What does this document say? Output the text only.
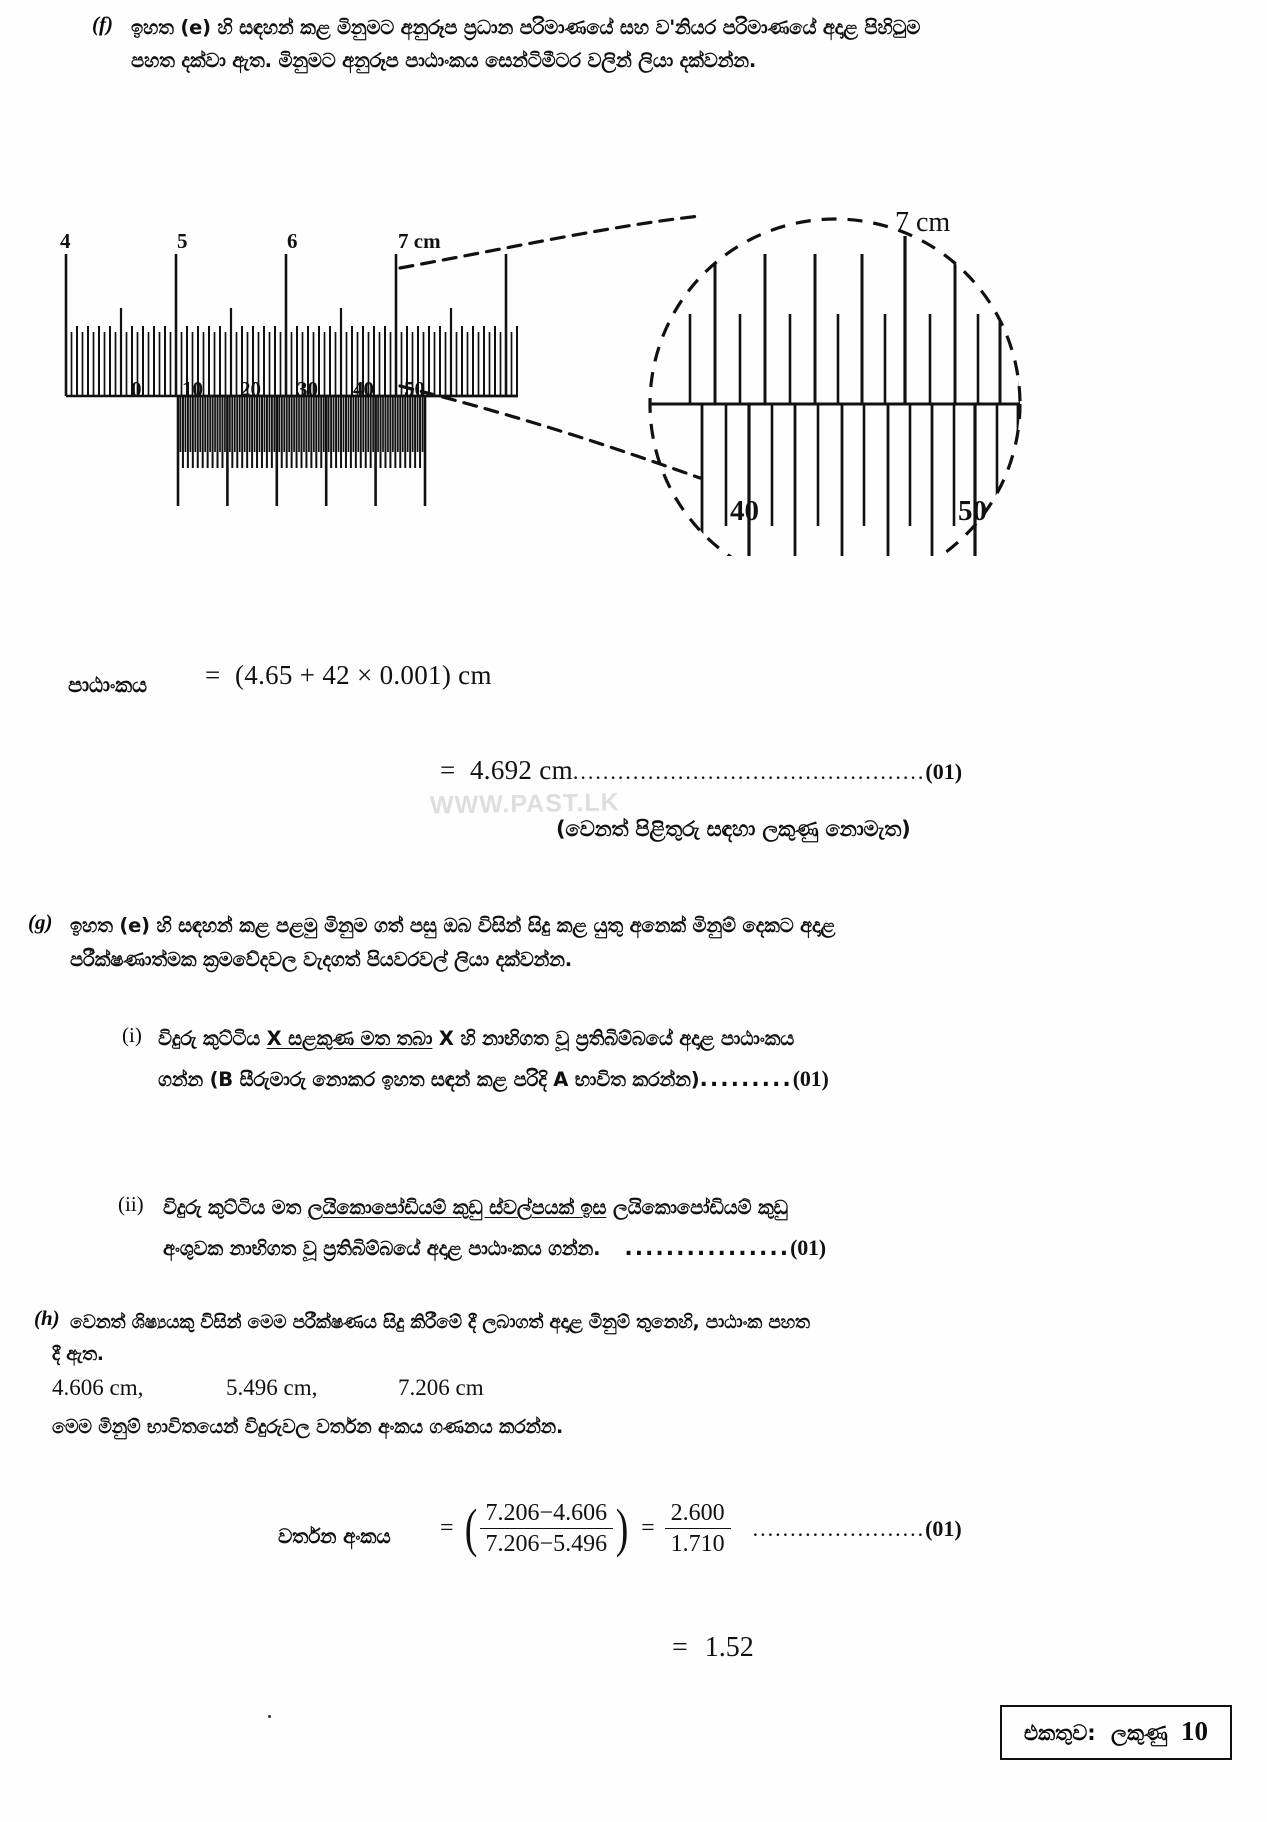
(f) ඉහත (e) හි සඳහන් කළ මිනුමට අනුරූප ප්‍රධාන පරිමාණයේ සහ ව'නියර පරිමාණයේ අදාළ පිහිටුම
පහත දක්වා ඇත. මිනුමට අනුරූප පාඨාංකය සෙන්ටිමීටර වලින් ලියා දක්වන්න.
4	5	6	7 cm
0 10 20 30 40 50
7 cm
40	50
WWW.PAST.LK
පාඨාංකය = (4.65 + 42 × 0.001) cm
= 4.692 cm...............................................(01)
(වෙනත් පිළිතුරු සඳහා ලකුණු නොමැත)
(g) ඉහත (e) හි සඳහන් කළ පළමු මිනුම ගත් පසු ඔබ විසින් සිදු කළ යුතු අනෙක් මිනුම් දෙකට අදාළ
පරීක්ෂණාත්මක ක්‍රමවේදවල වැදගත් පියවරවල් ලියා දක්වන්න.
(i) විදුරු කුට්ටිය X සළකුණ මත තබා X හි නාභිගත වූ ප්‍රතිබිම්බයේ අදාළ පාඨාංකය
ගන්න (B සීරුමාරු නොකර ඉහත සඳන් කළ පරිදි A භාවිත කරන්න).........(01)
(ii) විදුරු කුට්ටිය මත ලයිකොපෝඩියම් කුඩු ස්වල්පයක් ඉස ලයිකොපෝඩියම් කුඩු
අංශුවක නාභිගත වූ ප්‍රතිබිම්බයේ අදාළ පාඨාංකය ගන්න. ................(01)
(h) වෙනත් ශිෂ්‍යයකු විසින් මෙම පරීක්ෂණය සිදු කිරීමේ දී ලබාගත් අදාළ මිනුම් තුනෙහි, පාඨාංක පහත
දී ඇත.
4.606 cm,	5.496 cm,	7.206 cm
මෙම මිනුම් භාවිතයෙන් විදුරුවල වර්තන අංකය ගණනය කරන්න.
වර්තන අංකය = ( $\frac{7.206-4.606}{7.206-5.496}$ ) = $\frac{2.600}{1.710}$ ....................... (01)
= 1.52
එකතුව: ලකුණු 10
